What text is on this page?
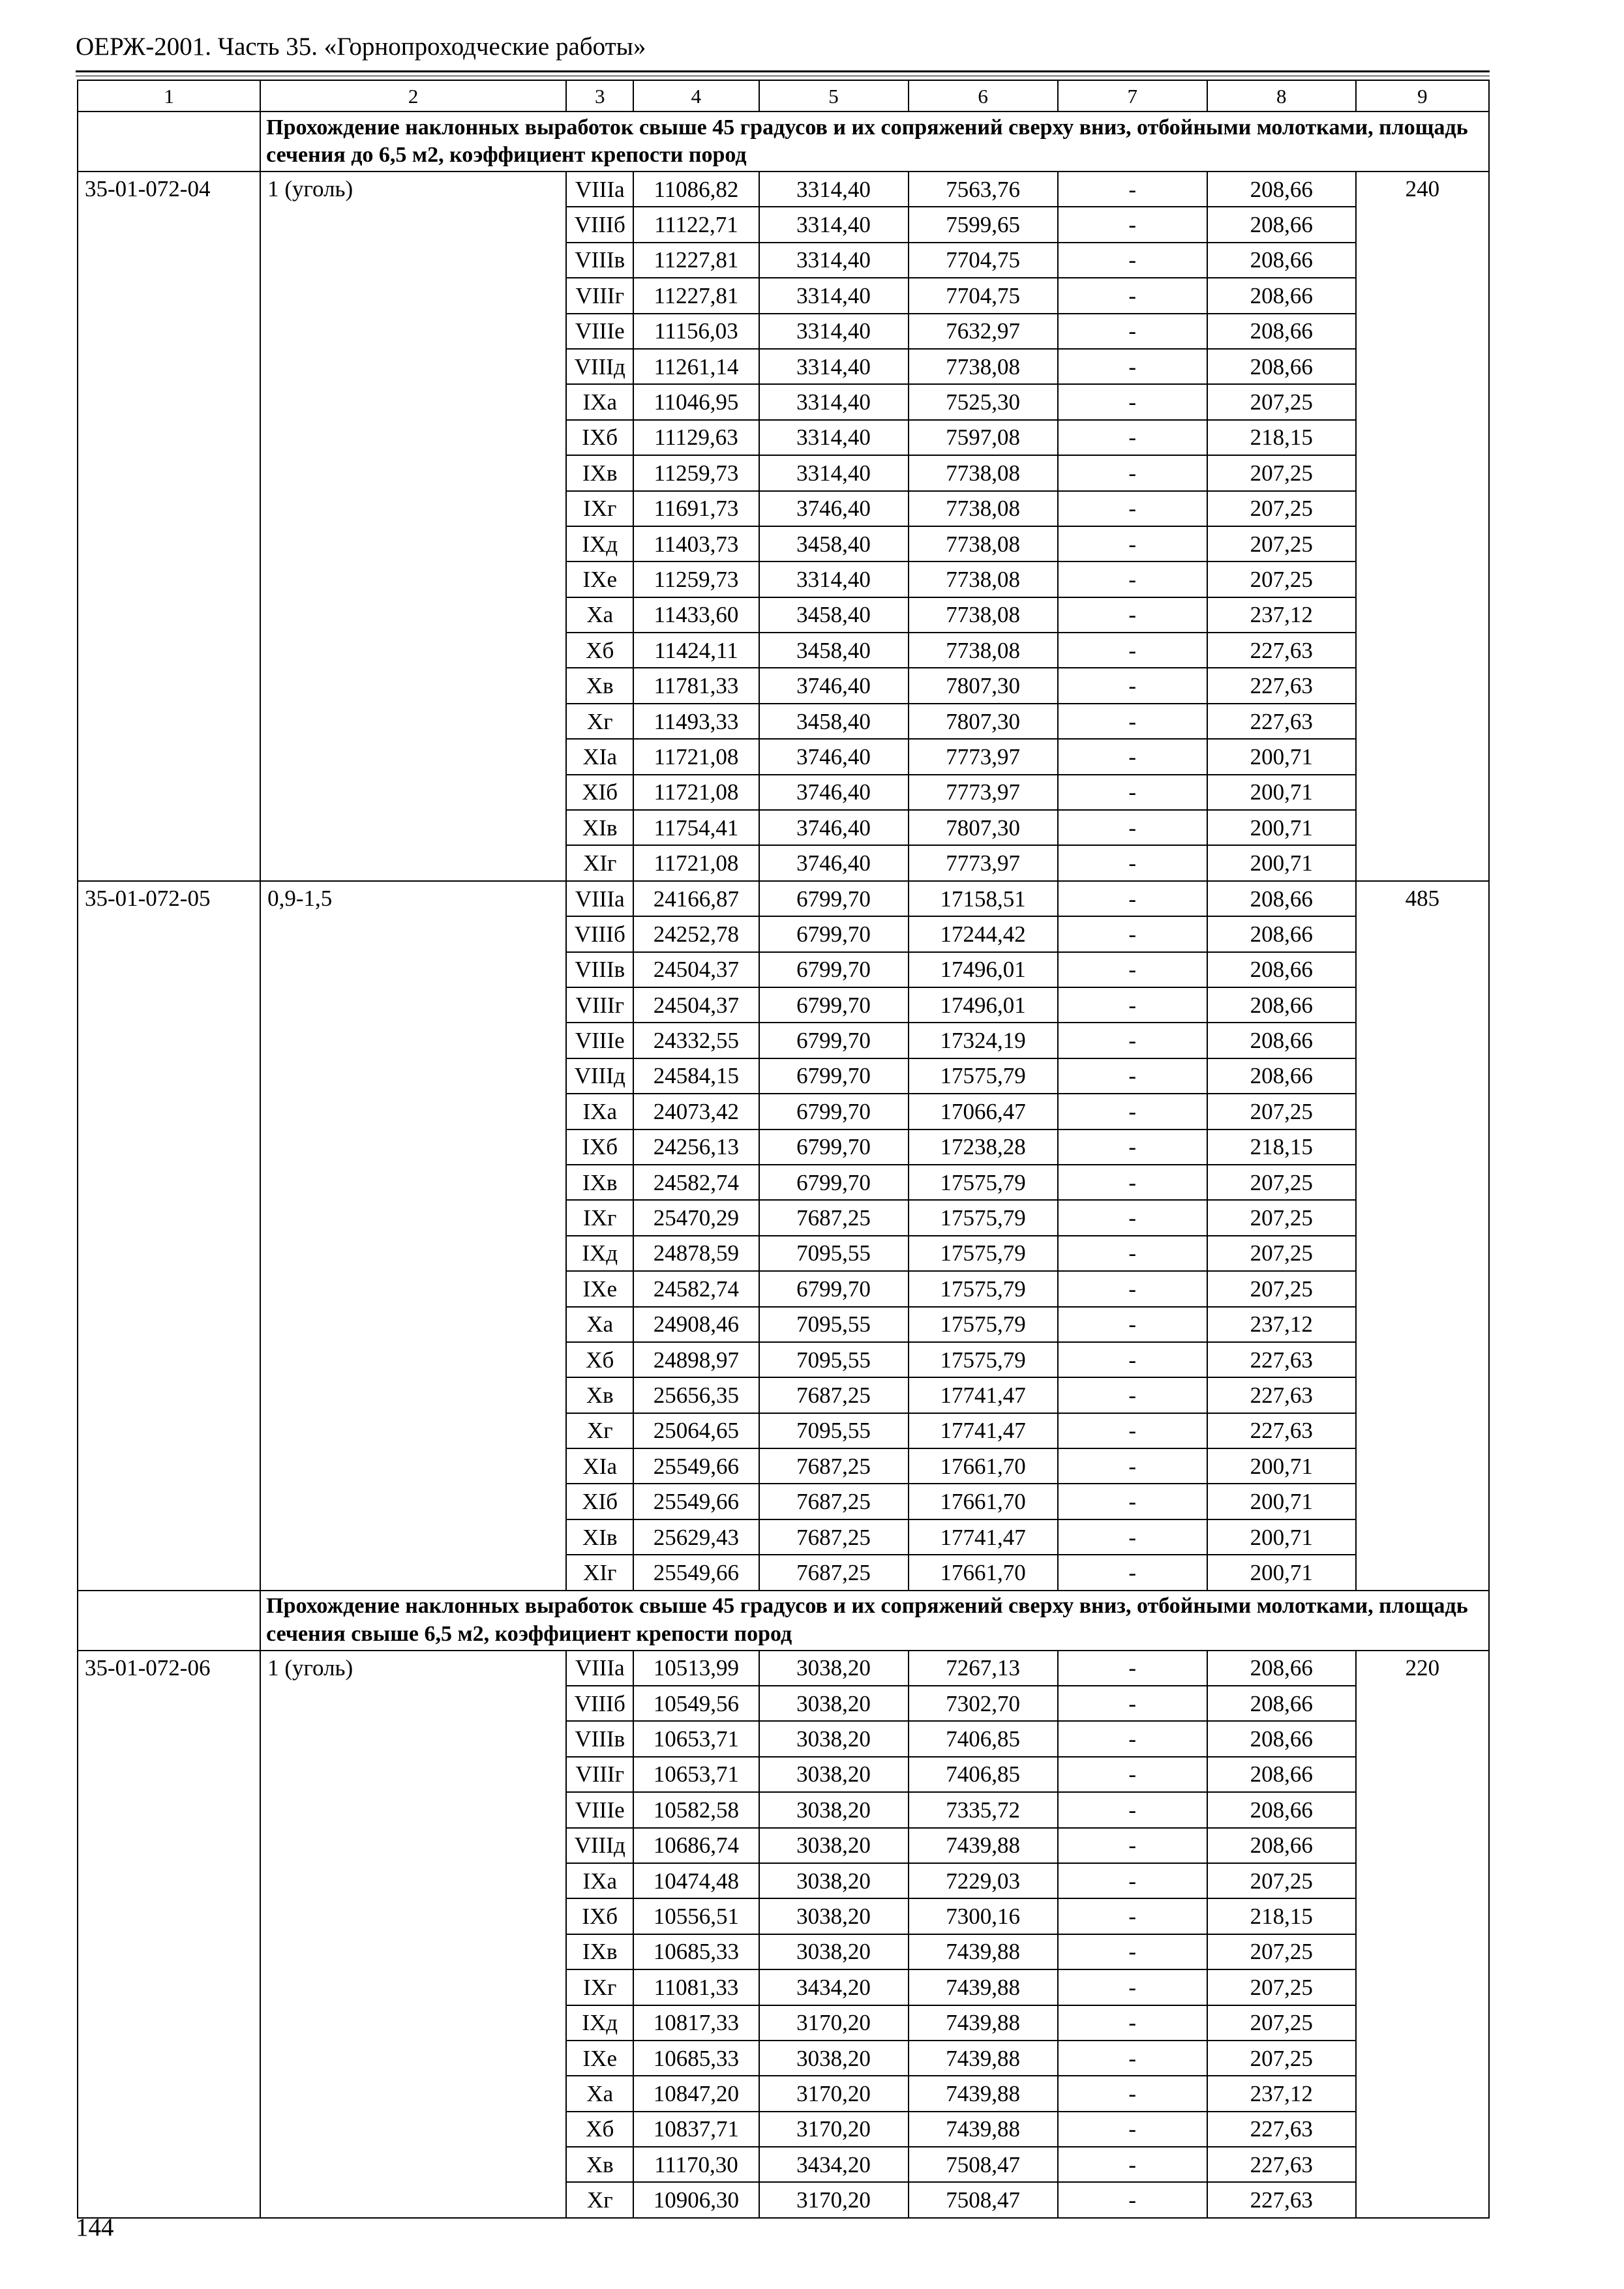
ОЕРЖ-2001. Часть 35. «Горнопроходческие работы»
1	2	3	4	5	6	7	8	9
	Прохождение наклонных выработок свыше 45 градусов и их сопряжений сверху вниз, отбойными молотками, площадь сечения до 6,5 м2, коэффициент крепости пород							
35-01-072-04	1 (уголь)	VIIIа	11086,82	3314,40	7563,76	-	208,66	240
		VIIIб	11122,71	3314,40	7599,65	-	208,66	
		VIIIв	11227,81	3314,40	7704,75	-	208,66	
		VIIIг	11227,81	3314,40	7704,75	-	208,66	
		VIIIе	11156,03	3314,40	7632,97	-	208,66	
		VIIIд	11261,14	3314,40	7738,08	-	208,66	
		IXа	11046,95	3314,40	7525,30	-	207,25	
		IXб	11129,63	3314,40	7597,08	-	218,15	
		IXв	11259,73	3314,40	7738,08	-	207,25	
		IXг	11691,73	3746,40	7738,08	-	207,25	
		IXд	11403,73	3458,40	7738,08	-	207,25	
		IXе	11259,73	3314,40	7738,08	-	207,25	
		Xа	11433,60	3458,40	7738,08	-	237,12	
		Xб	11424,11	3458,40	7738,08	-	227,63	
		Xв	11781,33	3746,40	7807,30	-	227,63	
		Xг	11493,33	3458,40	7807,30	-	227,63	
		XIа	11721,08	3746,40	7773,97	-	200,71	
		XIб	11721,08	3746,40	7773,97	-	200,71	
		XIв	11754,41	3746,40	7807,30	-	200,71	
		XIг	11721,08	3746,40	7773,97	-	200,71	
35-01-072-05	0,9-1,5	VIIIа	24166,87	6799,70	17158,51	-	208,66	485
		VIIIб	24252,78	6799,70	17244,42	-	208,66	
		VIIIв	24504,37	6799,70	17496,01	-	208,66	
		VIIIг	24504,37	6799,70	17496,01	-	208,66	
		VIIIе	24332,55	6799,70	17324,19	-	208,66	
		VIIIд	24584,15	6799,70	17575,79	-	208,66	
		IXа	24073,42	6799,70	17066,47	-	207,25	
		IXб	24256,13	6799,70	17238,28	-	218,15	
		IXв	24582,74	6799,70	17575,79	-	207,25	
		IXг	25470,29	7687,25	17575,79	-	207,25	
		IXд	24878,59	7095,55	17575,79	-	207,25	
		IXе	24582,74	6799,70	17575,79	-	207,25	
		Xа	24908,46	7095,55	17575,79	-	237,12	
		Xб	24898,97	7095,55	17575,79	-	227,63	
		Xв	25656,35	7687,25	17741,47	-	227,63	
		Xг	25064,65	7095,55	17741,47	-	227,63	
		XIа	25549,66	7687,25	17661,70	-	200,71	
		XIб	25549,66	7687,25	17661,70	-	200,71	
		XIв	25629,43	7687,25	17741,47	-	200,71	
		XIг	25549,66	7687,25	17661,70	-	200,71	
	Прохождение наклонных выработок свыше 45 градусов и их сопряжений сверху вниз, отбойными молотками, площадь сечения свыше 6,5 м2, коэффициент крепости пород							
35-01-072-06	1 (уголь)	VIIIа	10513,99	3038,20	7267,13	-	208,66	220
		VIIIб	10549,56	3038,20	7302,70	-	208,66	
		VIIIв	10653,71	3038,20	7406,85	-	208,66	
		VIIIг	10653,71	3038,20	7406,85	-	208,66	
		VIIIе	10582,58	3038,20	7335,72	-	208,66	
		VIIIд	10686,74	3038,20	7439,88	-	208,66	
		IXа	10474,48	3038,20	7229,03	-	207,25	
		IXб	10556,51	3038,20	7300,16	-	218,15	
		IXв	10685,33	3038,20	7439,88	-	207,25	
		IXг	11081,33	3434,20	7439,88	-	207,25	
		IXд	10817,33	3170,20	7439,88	-	207,25	
		IXе	10685,33	3038,20	7439,88	-	207,25	
		Xа	10847,20	3170,20	7439,88	-	237,12	
		Xб	10837,71	3170,20	7439,88	-	227,63	
		Xв	11170,30	3434,20	7508,47	-	227,63	
		Xг	10906,30	3170,20	7508,47	-	227,63	
144
